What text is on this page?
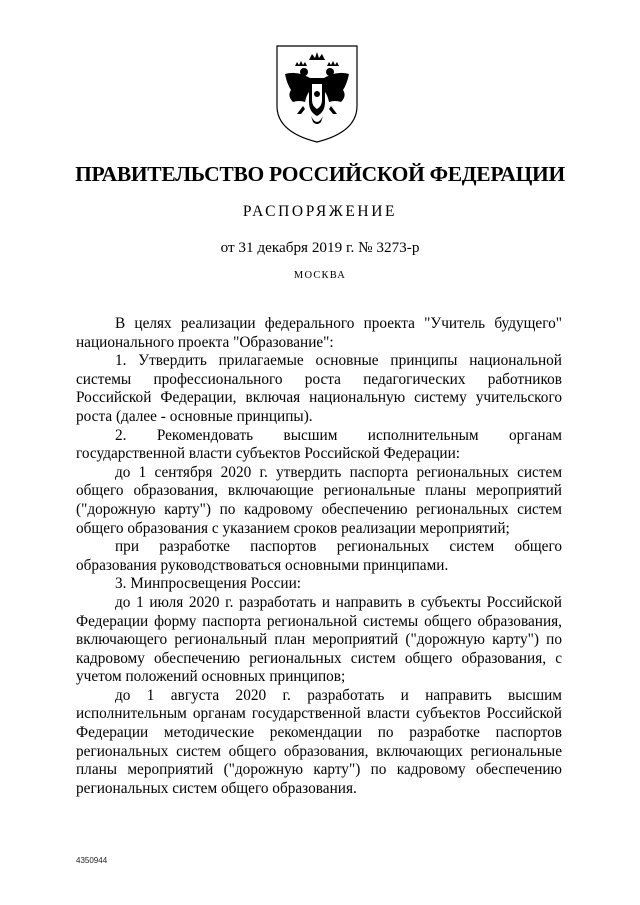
ПРАВИТЕЛЬСТВО РОССИЙСКОЙ ФЕДЕРАЦИИ
РАСПОРЯЖЕНИЕ
от 31 декабря 2019 г. № 3273-р
МОСКВА

В целях реализации федерального проекта "Учитель будущего" национального проекта "Образование":

1. Утвердить прилагаемые основные принципы национальной системы профессионального роста педагогических работников Российской Федерации, включая национальную систему учительского роста (далее - основные принципы).

2. Рекомендовать высшим исполнительным органам государственной власти субъектов Российской Федерации:

до 1 сентября 2020 г. утвердить паспорта региональных систем общего образования, включающие региональные планы мероприятий ("дорожную карту") по кадровому обеспечению региональных систем общего образования с указанием сроков реализации мероприятий;

при разработке паспортов региональных систем общего образования руководствоваться основными принципами.

3. Минпросвещения России:

до 1 июля 2020 г. разработать и направить в субъекты Российской Федерации форму паспорта региональной системы общего образования, включающего региональный план мероприятий ("дорожную карту") по кадровому обеспечению региональных систем общего образования, с учетом положений основных принципов;

до 1 августа 2020 г. разработать и направить высшим исполнительным органам государственной власти субъектов Российской Федерации методические рекомендации по разработке паспортов региональных систем общего образования, включающих региональные планы мероприятий ("дорожную карту") по кадровому обеспечению региональных систем общего образования.

4350944
